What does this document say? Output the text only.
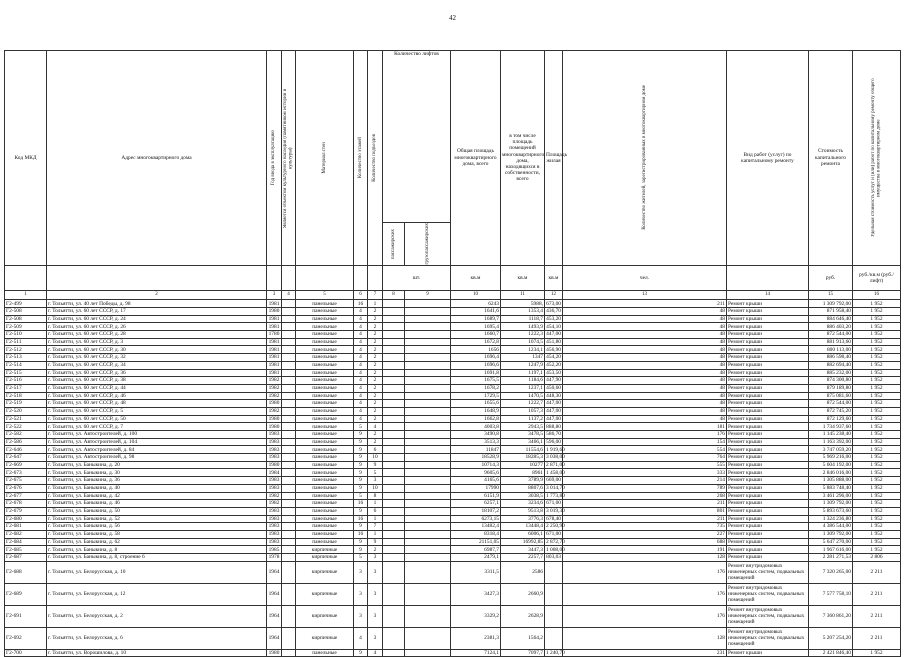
42
Код МКД	Адрес многоквартирного дома	Год ввода в эксплуатацию	Является объектом культурного наследия (памятником истории и культуры)	Материал стен	Количество этажей	Количество подъездов	Количество лифтов		Общая площадь многоквартирного дома, всего	в том числе площадь помещений многоквартирного дома, находящихся в собственности, всего	Площадь жилая	Количество жителей, зарегистрированных в многоквартирном доме	Вид работ (услуг) по капитальному ремонту	Стоимость капитального ремонта	Удельная стоимость услуг и (или) работ по капитальному ремонту общего имущества в многоквартирном доме

							пассажирских	грузопассажирских								

							шт.		кв.м	кв.м	кв.м	чел.		руб.	руб./кв.м (руб./лифт)	
1	2	3	4	5	6	7	8	9	10	11	12	13	14	15	16	
Г2-499	г. Тольятти, ул. 40 лет Победы, д. 98	1981		панельные	16	1			6243	5988,	673,00	211	Ремонт крыши	1 309 792,00	1 952	
Г2-508	г. Тольятти, ул. 60 лет СССР, д. 17	1980		панельные	4	2			1641,6	1353,4	436,70	48	Ремонт крыши	871 958,40	1 952	
Г2-508	г. Тольятти, ул. 60 лет СССР, д. 24	1981		панельные	4	2			1689,7	1118,7	453,20	48	Ремонт крыши	884 646,40	1 952	
Г2-509	г. Тольятти, ул. 60 лет СССР, д. 26	1981		панельные	4	2			1695,4	1493,9	454,10	48	Ремонт крыши	886 403,20	1 952	
Г2-510	г. Тольятти, ул. 60 лет СССР, д. 28	1780		панельные	4	2			1660,7	1222,3	447,00	48	Ремонт крыши	872 544,00	1 952	
Г2-511	г. Тольятти, ул. 60 лет СССР, д. 3	1981		панельные	4	2			1672,8	1074,5	451,80	48	Ремонт крыши	881 913,60	1 952	
Г2-512	г. Тольятти, ул. 60 лет СССР, д. 30	1981		панельные	4	2			1656	1234,1	456,90	48	Ремонт крыши	800 113,00	1 952	
Г2-513	г. Тольятти, ул. 60 лет СССР, д. 32	1981		панельные	4	2			1696,4	1347	454,20	48	Ремонт крыши	886 598,40	1 952	
Г2-514	г. Тольятти, ул. 60 лет СССР, д. 34	1981		панельные	4	2			1696,6	1247,9	452,20	48	Ремонт крыши	882 694,40	1 952	
Г2-515	г. Тольятти, ул. 60 лет СССР, д. 36	1981		панельные	4	2			1691,8	1197,1	453,50	48	Ремонт крыши	885 232,00	1 952	
Г2-516	г. Тольятти, ул. 60 лет СССР, д. 38	1982		панельные	4	2			1675,5	1184,6	447,90	48	Ремонт крыши	874 300,80	1 952	
Г2-517	г. Тольятти, ул. 60 лет СССР, д. 44	1982		панельные	4	2			1678,2	1237,1	450,60	48	Ремонт крыши	879 189,80	1 952	
Г2-518	г. Тольятти, ул. 60 лет СССР, д. 46	1982		панельные	4	2			1729,5	1470,5	448,30	48	Ремонт крыши	875 081,60	1 952	
Г2-519	г. Тольятти, ул. 60 лет СССР, д. 48	1980		панельные	4	2			1655,6	1222,7	447,00	48	Ремонт крыши	872 544,00	1 952	
Г2-520	г. Тольятти, ул. 60 лет СССР, д. 5	1982		панельные	4	2			1648,9	1057,3	447,00	48	Ремонт крыши	872 745,20	1 952	
Г2-521	г. Тольятти, ул. 60 лет СССР, д. 50	1980		панельные	4	2			1662,8	1137,2	447,00	48	Ремонт крыши	872 129,60	1 952	
Г2-522	г. Тольятти, ул. 60 лет СССР, д. 7	1980		панельные	5	4			4003,8	2943,5	888,80	181	Ремонт крыши	1 734 937,60	1 952	
Г2-582	г. Тольятти, ул. Автостроителей, д. 100	1983		панельные	9	2			3490,8	3478,5	586,70	176	Ремонт крыши	1 145 238,40	1 952	
Г2-586	г. Тольятти, ул. Автостроителей, д. 104	1983		панельные	9	2			3513,3	3466,1	596,00	154	Ремонт крыши	1 163 392,00	1 952	
Г2-646	г. Тольятти, ул. Автостроителей, д. 84	1983		панельные	9	6			11847	11554,6	1 919,60	554	Ремонт крыши	3 747 059,20	1 952	
Г2-647	г. Тольятти, ул. Автостроителей, д. 98	1983		панельные	9	10			18528,9	18285,3	3 038,00	764	Ремонт крыши	5 969 216,00	1 952	
Г2-669	г. Тольятти, ул. Баныкина, д. 20	1980		панельные	9	9			10714,3	10277	2 871,00	555	Ремонт крыши	5 604 192,00	1 952	
Г2-673	г. Тольятти, ул. Баныкина, д. 30	1984		панельные	9	5			9605,6	8961	1 458,00	333	Ремонт крыши	2 846 016,00	1 952	
Г2-675	г. Тольятти, ул. Баныкина, д. 36	1983		панельные	9	3			4165,6	3789,9	669,00	214	Ремонт крыши	1 305 888,00	1 952	
Г2-676	г. Тольятти, ул. Баныкина, д. 40	1983		панельные	9	10			17990	8807,6	3 014,70	789	Ремонт крыши	5 883 748,40	1 952	
Г2-677	г. Тольятти, ул. Баныкина, д. 42	1982		панельные	5	8			6151,9	3038,5	1 773,80	268	Ремонт крыши	3 461 296,00	1 952	
Г2-678	г. Тольятти, ул. Баныкина, д. 46	1982		панельные	16	1			6257,1	3234,6	671,00	211	Ремонт крыши	1 309 792,00	1 952	
Г2-679	г. Тольятти, ул. Баныкина, д. 50	1983		панельные	9	6			18107,2	9513,8	3 019,30	801	Ремонт крыши	5 893 673,60	1 952	
Г2-680	г. Тольятти, ул. Баныкина, д. 52	1983		панельные	16	1			6273,15	3776,3	678,40	211	Ремонт крыши	1 324 236,80	1 952	
Г2-681	г. Тольятти, ул. Баныкина, д. 56	1983		панельные	9	7			13482,4	13448,4	2 250,90	735	Ремонт крыши	4 386 544,00	1 952	
Г2-682	г. Тольятти, ул. Баныкина, д. 58	1983		панельные	16	1			8318,4	6006,1	671,00	227	Ремонт крыши	1 309 792,00	1 952	
Г2-684	г. Тольятти, ул. Баныкина, д. 62	1983		панельные	9	9			21151,05	16992,85	2 872,70	688	Ремонт крыши	5 647 270,00	1 952	
Г2-685	г. Тольятти, ул. Баныкина, д. 8	1985		кирпичные	9	2			6987,7	3447,3	1 008,00	191	Ремонт крыши	1 967 616,00	1 952	
Г2-687	г. Тольятти, ул. Баныкина, д. 8, строение 6	1978		кирпичные	5	3			2479,1	2257,7	803,03	128	Ремонт крыши	2 281 271,53	2 806	
Г2-688	г. Тольятти, ул. Белорусская, д. 10	1964		кирпичные	3	3			3311,5	2586		176	Ремонт внутридомовых инженерных систем, подвальных помещений	7 320 265,00	2 211	
Г2-689	г. Тольятти, ул. Белорусская, д. 12	1964		кирпичные	3	3			3427,3	2660,9		176	Ремонт внутридомовых инженерных систем, подвальных помещений	7 577 758,10	2 211	
Г2-691	г. Тольятти, ул. Белорусская, д. 2	1964		кирпичные	3	3			3329,2	2628,9		176	Ремонт внутридомовых инженерных систем, подвальных помещений	7 360 861,20	2 211	
Г2-692	г. Тольятти, ул. Белорусская, д. 6	1964		кирпичные	4	3			2381,3	1564,2		128	Ремонт внутридомовых инженерных систем, подвальных помещений	5 207 254,20	2 211	
Г2-700	г. Тольятти, ул. Ворошилова, д. 10	1980		панельные	9	4			7124,1	7097,7	1 240,70	231	Ремонт крыши	2 421 846,40	1 952	
